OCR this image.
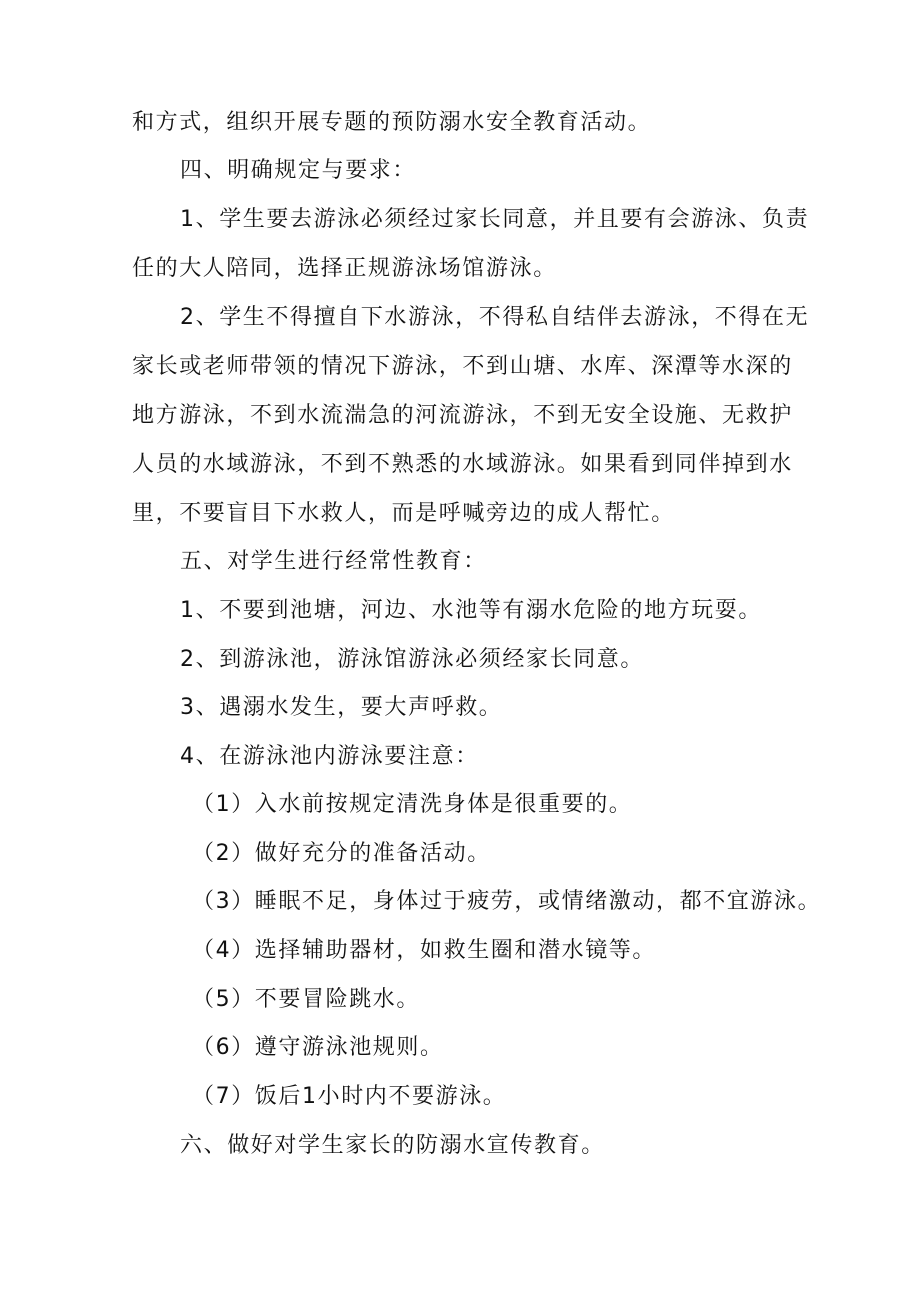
和方式，组织开展专题的预防溺水安全教育活动。
四、明确规定与要求：
1、学生要去游泳必须经过家长同意，并且要有会游泳、负责
任的大人陪同，选择正规游泳场馆游泳。
2、学生不得擅自下水游泳，不得私自结伴去游泳，不得在无
家长或老师带领的情况下游泳，不到山塘、水库、深潭等水深的
地方游泳，不到水流湍急的河流游泳，不到无安全设施、无救护
人员的水域游泳，不到不熟悉的水域游泳。如果看到同伴掉到水
里，不要盲目下水救人，而是呼喊旁边的成人帮忙。
五、对学生进行经常性教育：
1、不要到池塘，河边、水池等有溺水危险的地方玩耍。
2、到游泳池，游泳馆游泳必须经家长同意。
3、遇溺水发生，要大声呼救。
4、在游泳池内游泳要注意：
（1）入水前按规定清洗身体是很重要的。
（2）做好充分的准备活动。
（3）睡眠不足，身体过于疲劳，或情绪激动，都不宜游泳。
（4）选择辅助器材，如救生圈和潜水镜等。
（5）不要冒险跳水。
（6）遵守游泳池规则。
（7）饭后1小时内不要游泳。
六、做好对学生家长的防溺水宣传教育。
